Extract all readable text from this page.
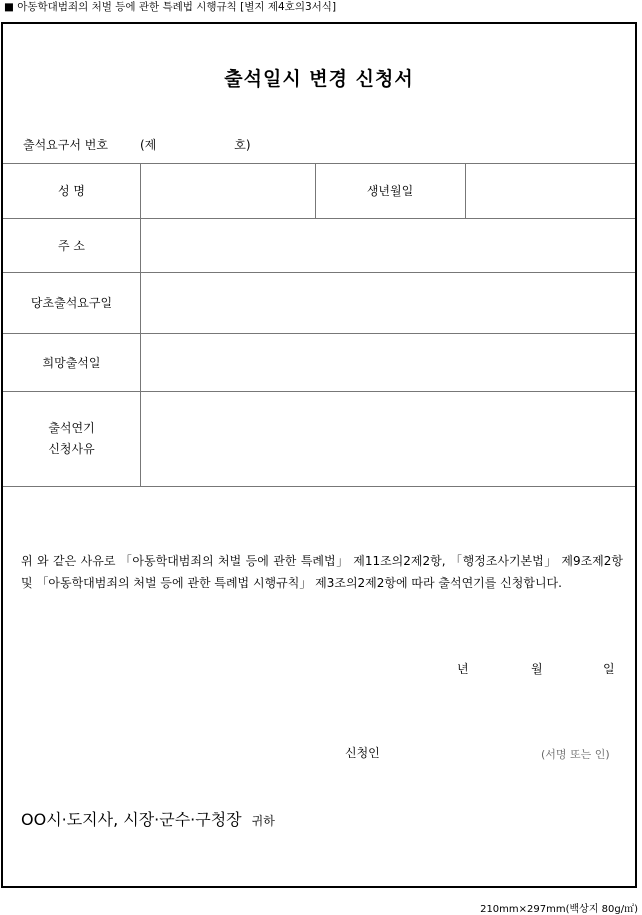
■ 아동학대범죄의 처벌 등에 관한 특례법 시행규칙 [별지 제4호의3서식]
출석일시 변경 신청서
출석요구서 번호	(제	호)
성 명	생년월일
주 소
당초출석요구일
희망출석일
출석연기
신청사유
위 와 같은 사유로 「아동학대범죄의 처벌 등에 관한 특례법」 제11조의2제2항, 「행정조사기본법」 제9조제2항 및 「아동학대범죄의 처벌 등에 관한 특례법 시행규칙」 제3조의2제2항에 따라 출석연기를 신청합니다.
년	월	일
신청인	(서명 또는 인)
OO시·도지사, 시장·군수·구청장 귀하
210mm×297mm(백상지 80g/㎡)
